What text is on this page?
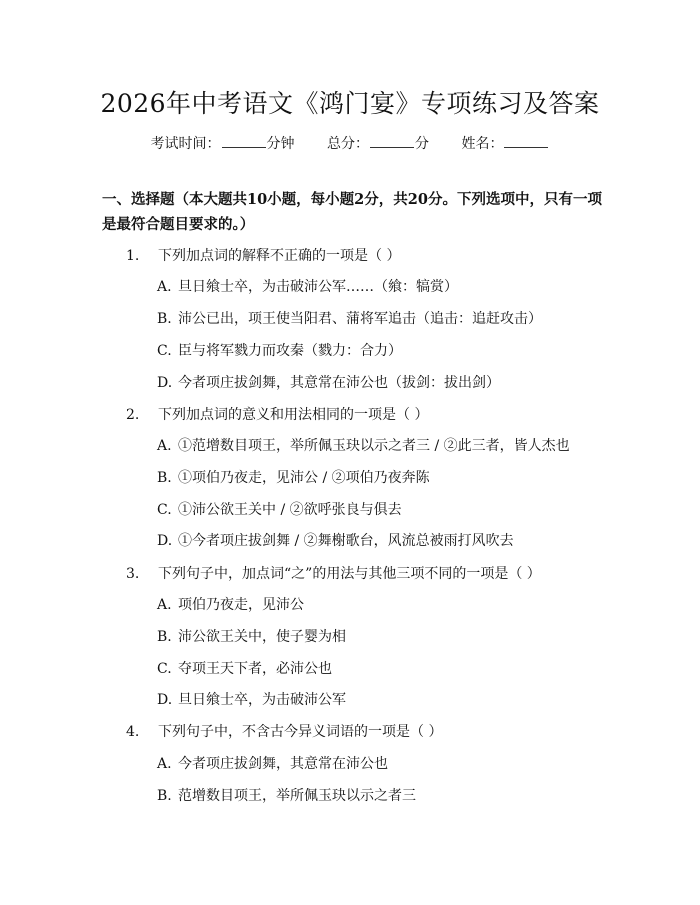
2026年中考语文《鸿门宴》专项练习及答案
考试时间：	分钟 总分：	分 姓名：
一、选择题（本大题共10小题，每小题2分，共20分。下列选项中，只有一项是最符合题目要求的。）
1. 下列加点词的解释不正确的一项是（ ）
A. 旦日飨士卒，为击破沛公军……（飨：犒赏）
B. 沛公已出，项王使当阳君、蒲将军追击（追击：追赶攻击）
C. 臣与将军戮力而攻秦（戮力：合力）
D. 今者项庄拔剑舞，其意常在沛公也（拔剑：拔出剑）
2. 下列加点词的意义和用法相同的一项是（ ）
A. ①范增数目项王，举所佩玉玦以示之者三 / ②此三者，皆人杰也
B. ①项伯乃夜走，见沛公 / ②项伯乃夜奔陈
C. ①沛公欲王关中 / ②欲呼张良与俱去
D. ①今者项庄拔剑舞 / ②舞榭歌台，风流总被雨打风吹去
3. 下列句子中，加点词“之”的用法与其他三项不同的一项是（ ）
A. 项伯乃夜走，见沛公
B. 沛公欲王关中，使子婴为相
C. 夺项王天下者，必沛公也
D. 旦日飨士卒，为击破沛公军
4. 下列句子中，不含古今异义词语的一项是（ ）
A. 今者项庄拔剑舞，其意常在沛公也
B. 范增数目项王，举所佩玉玦以示之者三
